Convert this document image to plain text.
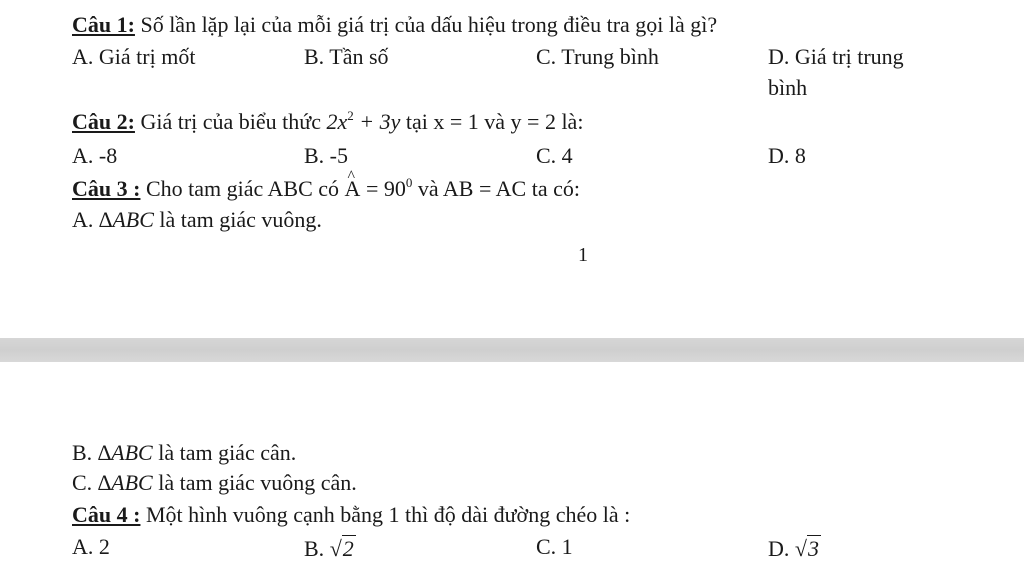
Câu 1: Số lần lặp lại của mỗi giá trị của dấu hiệu trong điều tra gọi là gì?
A. Giá trị mốt	B. Tần số	C. Trung bình	D. Giá trị trung
bình
Câu 2: Giá trị của biểu thức $2x^2 + 3y$ tại x = 1 và y = 2 là:
A. -8	B. -5	C. 4	D. 8
Câu 3 : Cho tam giác ABC có ^ $A = 90^0$ và AB = AC ta có:
A. ∆ABC là tam giác vuông.
1
B. ∆ABC là tam giác cân.
C. ∆ABC là tam giác vuông cân.
Câu 4 : Một hình vuông cạnh bằng 1 thì độ dài đường chéo là :
A. 2	B. √2	C. 1	D. √3
